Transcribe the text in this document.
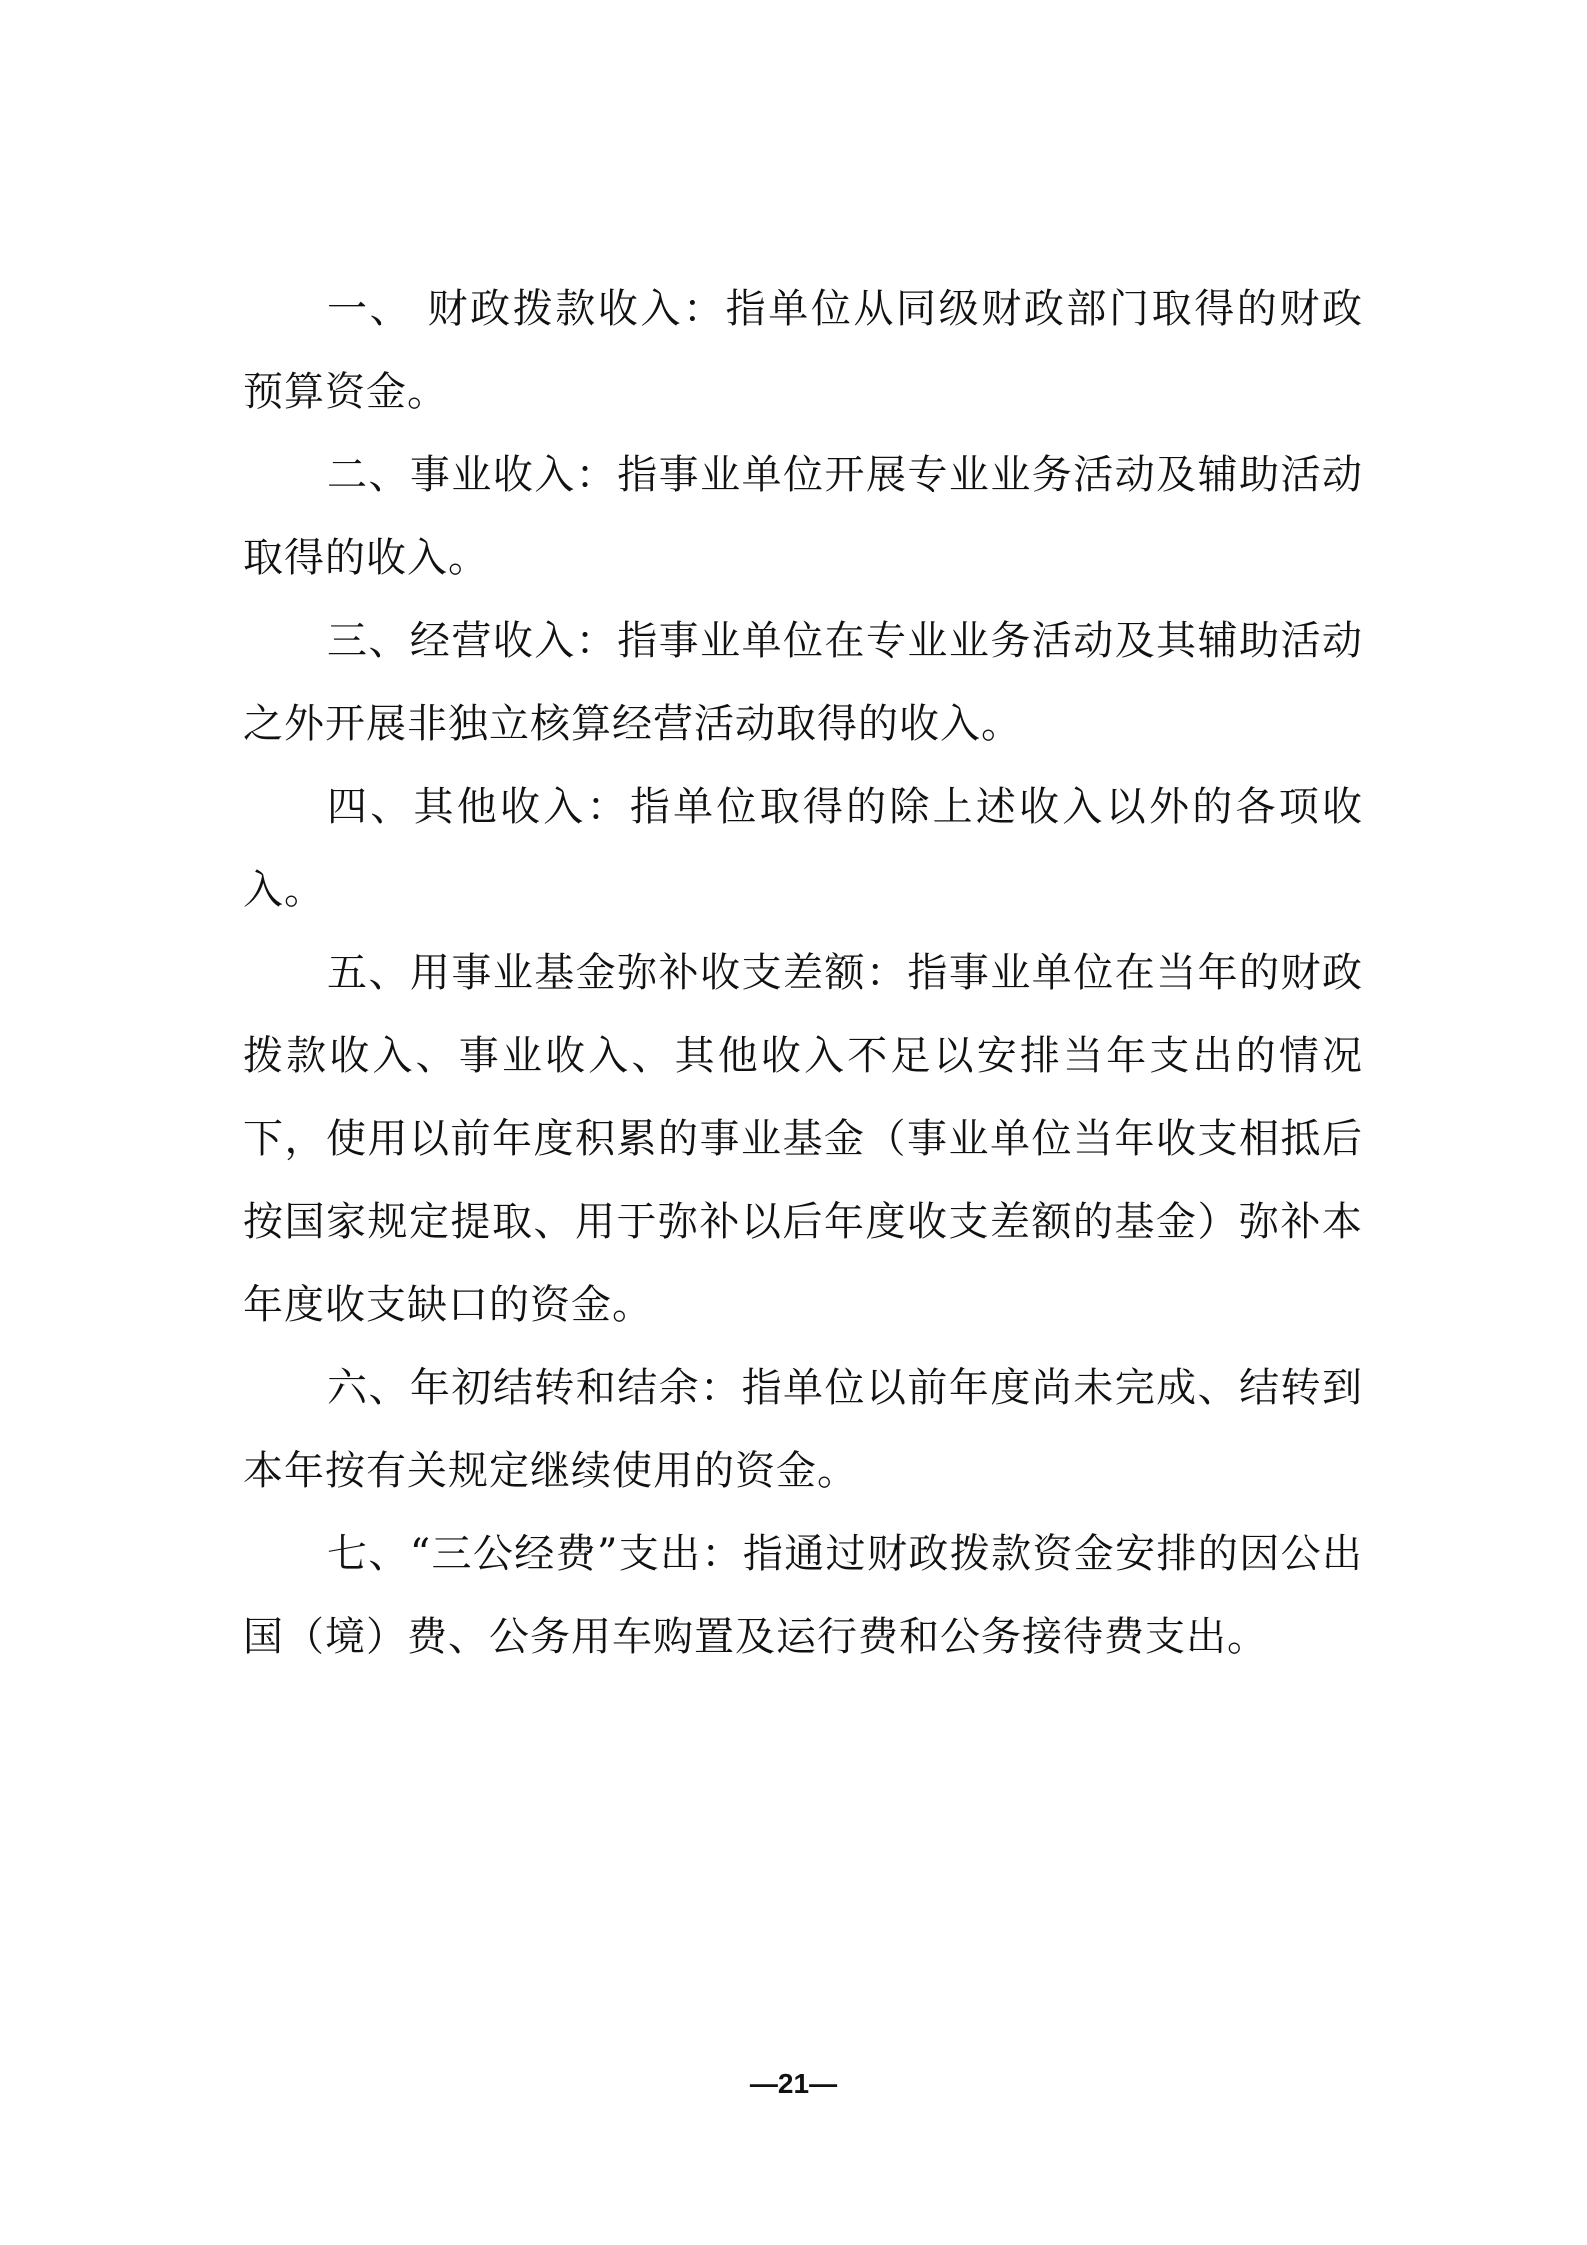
一、 财政拨款收入：指单位从同级财政部门取得的财政预算资金。

二、事业收入：指事业单位开展专业业务活动及辅助活动取得的收入。

三、经营收入：指事业单位在专业业务活动及其辅助活动之外开展非独立核算经营活动取得的收入。

四、其他收入：指单位取得的除上述收入以外的各项收入。

五、用事业基金弥补收支差额：指事业单位在当年的财政拨款收入、事业收入、其他收入不足以安排当年支出的情况下，使用以前年度积累的事业基金（事业单位当年收支相抵后按国家规定提取、用于弥补以后年度收支差额的基金）弥补本年度收支缺口的资金。

六、年初结转和结余：指单位以前年度尚未完成、结转到本年按有关规定继续使用的资金。

七、“三公经费”支出：指通过财政拨款资金安排的因公出国（境）费、公务用车购置及运行费和公务接待费支出。

—21—
